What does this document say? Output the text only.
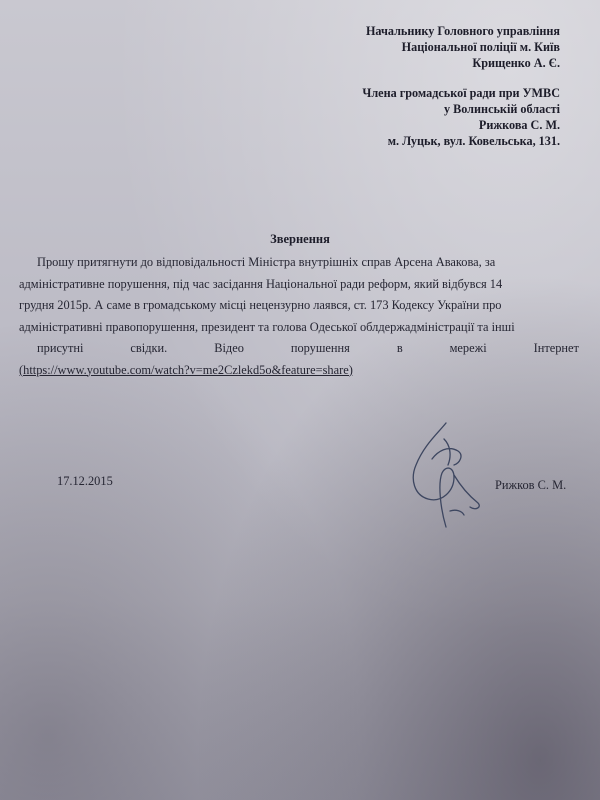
Начальнику Головного управління
Національної поліції м. Київ
Крищенко А. Є.
Члена громадської ради при УМВС
у Волинській області
Рижкова С. М.
м. Луцьк, вул. Ковельська, 131.
Звернення
Прошу притягнути до відповідальності Міністра внутрішніх справ Арсена Авакова, за
адміністративне порушення, під час засідання Національної ради реформ, який відбувся 14
грудня 2015р. А саме в громадському місці нецензурно лаявся, ст. 173 Кодексу України про
адміністративні правопорушення, президент та голова Одеської облдержадміністрації та інші
присутні	свідки.	Відео	порушення	в	мережі	Інтернет
(https://www.youtube.com/watch?v=me2Czlekd5o&feature=share)
17.12.2015	Рижков С. М.
